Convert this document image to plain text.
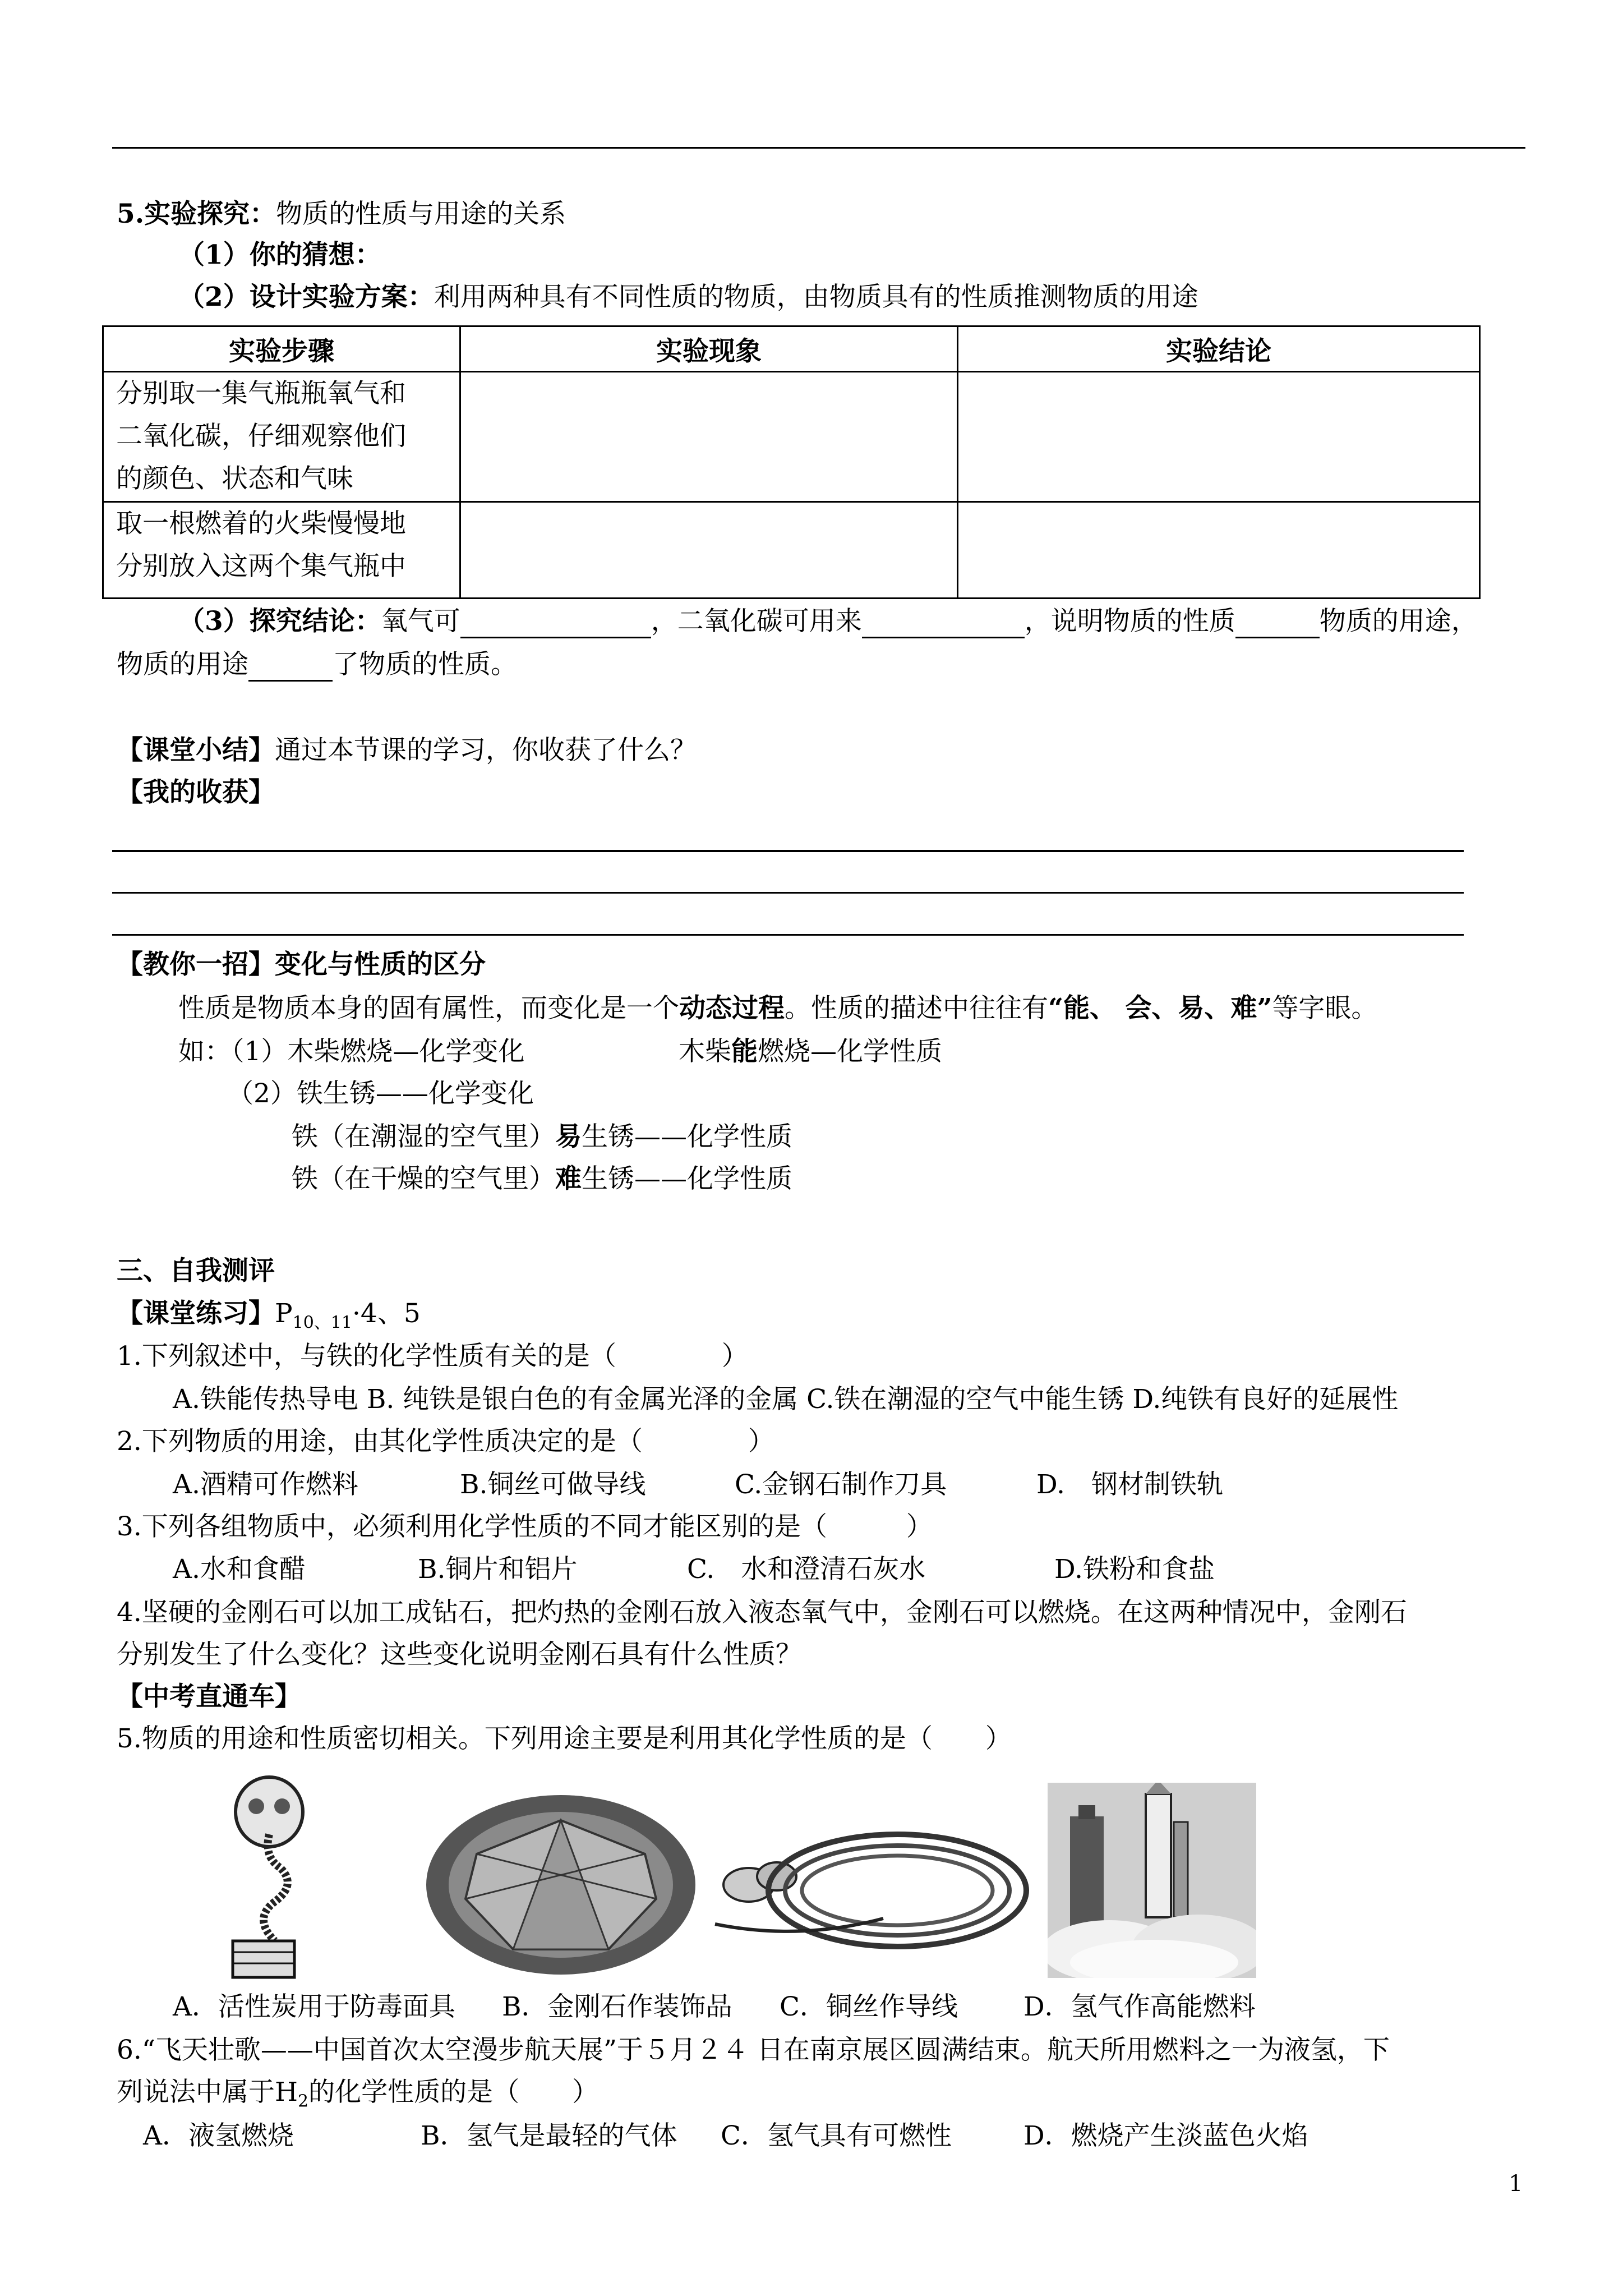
5.实验探究：物质的性质与用途的关系
（1）你的猜想：
（2）设计实验方案：利用两种具有不同性质的物质，由物质具有的性质推测物质的用途
实验步骤	实验现象	实验结论

分别取一集气瓶瓶氧气和
二氧化碳，仔细观察他们
的颜色、状态和气味		

取一根燃着的火柴慢慢地
分别放入这两个集气瓶中		

（3）探究结论：氧气可	，二氧化碳可用来	，说明物质的性质	物质的用途，
物质的用途	了物质的性质。
【课堂小结】通过本节课的学习，你收获了什么？
【我的收获】
【教你一招】变化与性质的区分
性质是物质本身的固有属性，而变化是一个动态过程。性质的描述中往往有“能、 会、易、难”等字眼。
如：（1）木柴燃烧—化学变化	木柴能燃烧—化学性质
（2）铁生锈——化学变化
铁（在潮湿的空气里）易生锈——化学性质
铁（在干燥的空气里）难生锈——化学性质
三、自我测评
【课堂练习】$P_{10、11}\cdot 4$、5
1.下列叙述中，与铁的化学性质有关的是（　　　　）
A.铁能传热导电 B. 纯铁是银白色的有金属光泽的金属 C.铁在潮湿的空气中能生锈 D.纯铁有良好的延展性
2.下列物质的用途，由其化学性质决定的是（　　　　）
A.酒精可作燃料	B.铜丝可做导线	C.金钢石制作刀具	D.　钢材制铁轨
3.下列各组物质中，必须利用化学性质的不同才能区别的是（　　　）
A.水和食醋	B.铜片和铝片	C.　水和澄清石灰水	D.铁粉和食盐
4.坚硬的金刚石可以加工成钻石，把灼热的金刚石放入液态氧气中，金刚石可以燃烧。在这两种情况中，金刚石
分别发生了什么变化？这些变化说明金刚石具有什么性质？
【中考直通车】
5.物质的用途和性质密切相关。下列用途主要是利用其化学性质的是（　　）
A．活性炭用于防毒面具 B．金刚石作装饰品 C．铜丝作导线 D．氢气作高能燃料
6.“飞天壮歌——中国首次太空漫步航天展”于５月２４ 日在南京展区圆满结束。航天所用燃料之一为液氢，下
列说法中属于$H_2$的化学性质的是（　　）
A．液氢燃烧	B．氢气是最轻的气体 C．氢气具有可燃性	D．燃烧产生淡蓝色火焰
1
